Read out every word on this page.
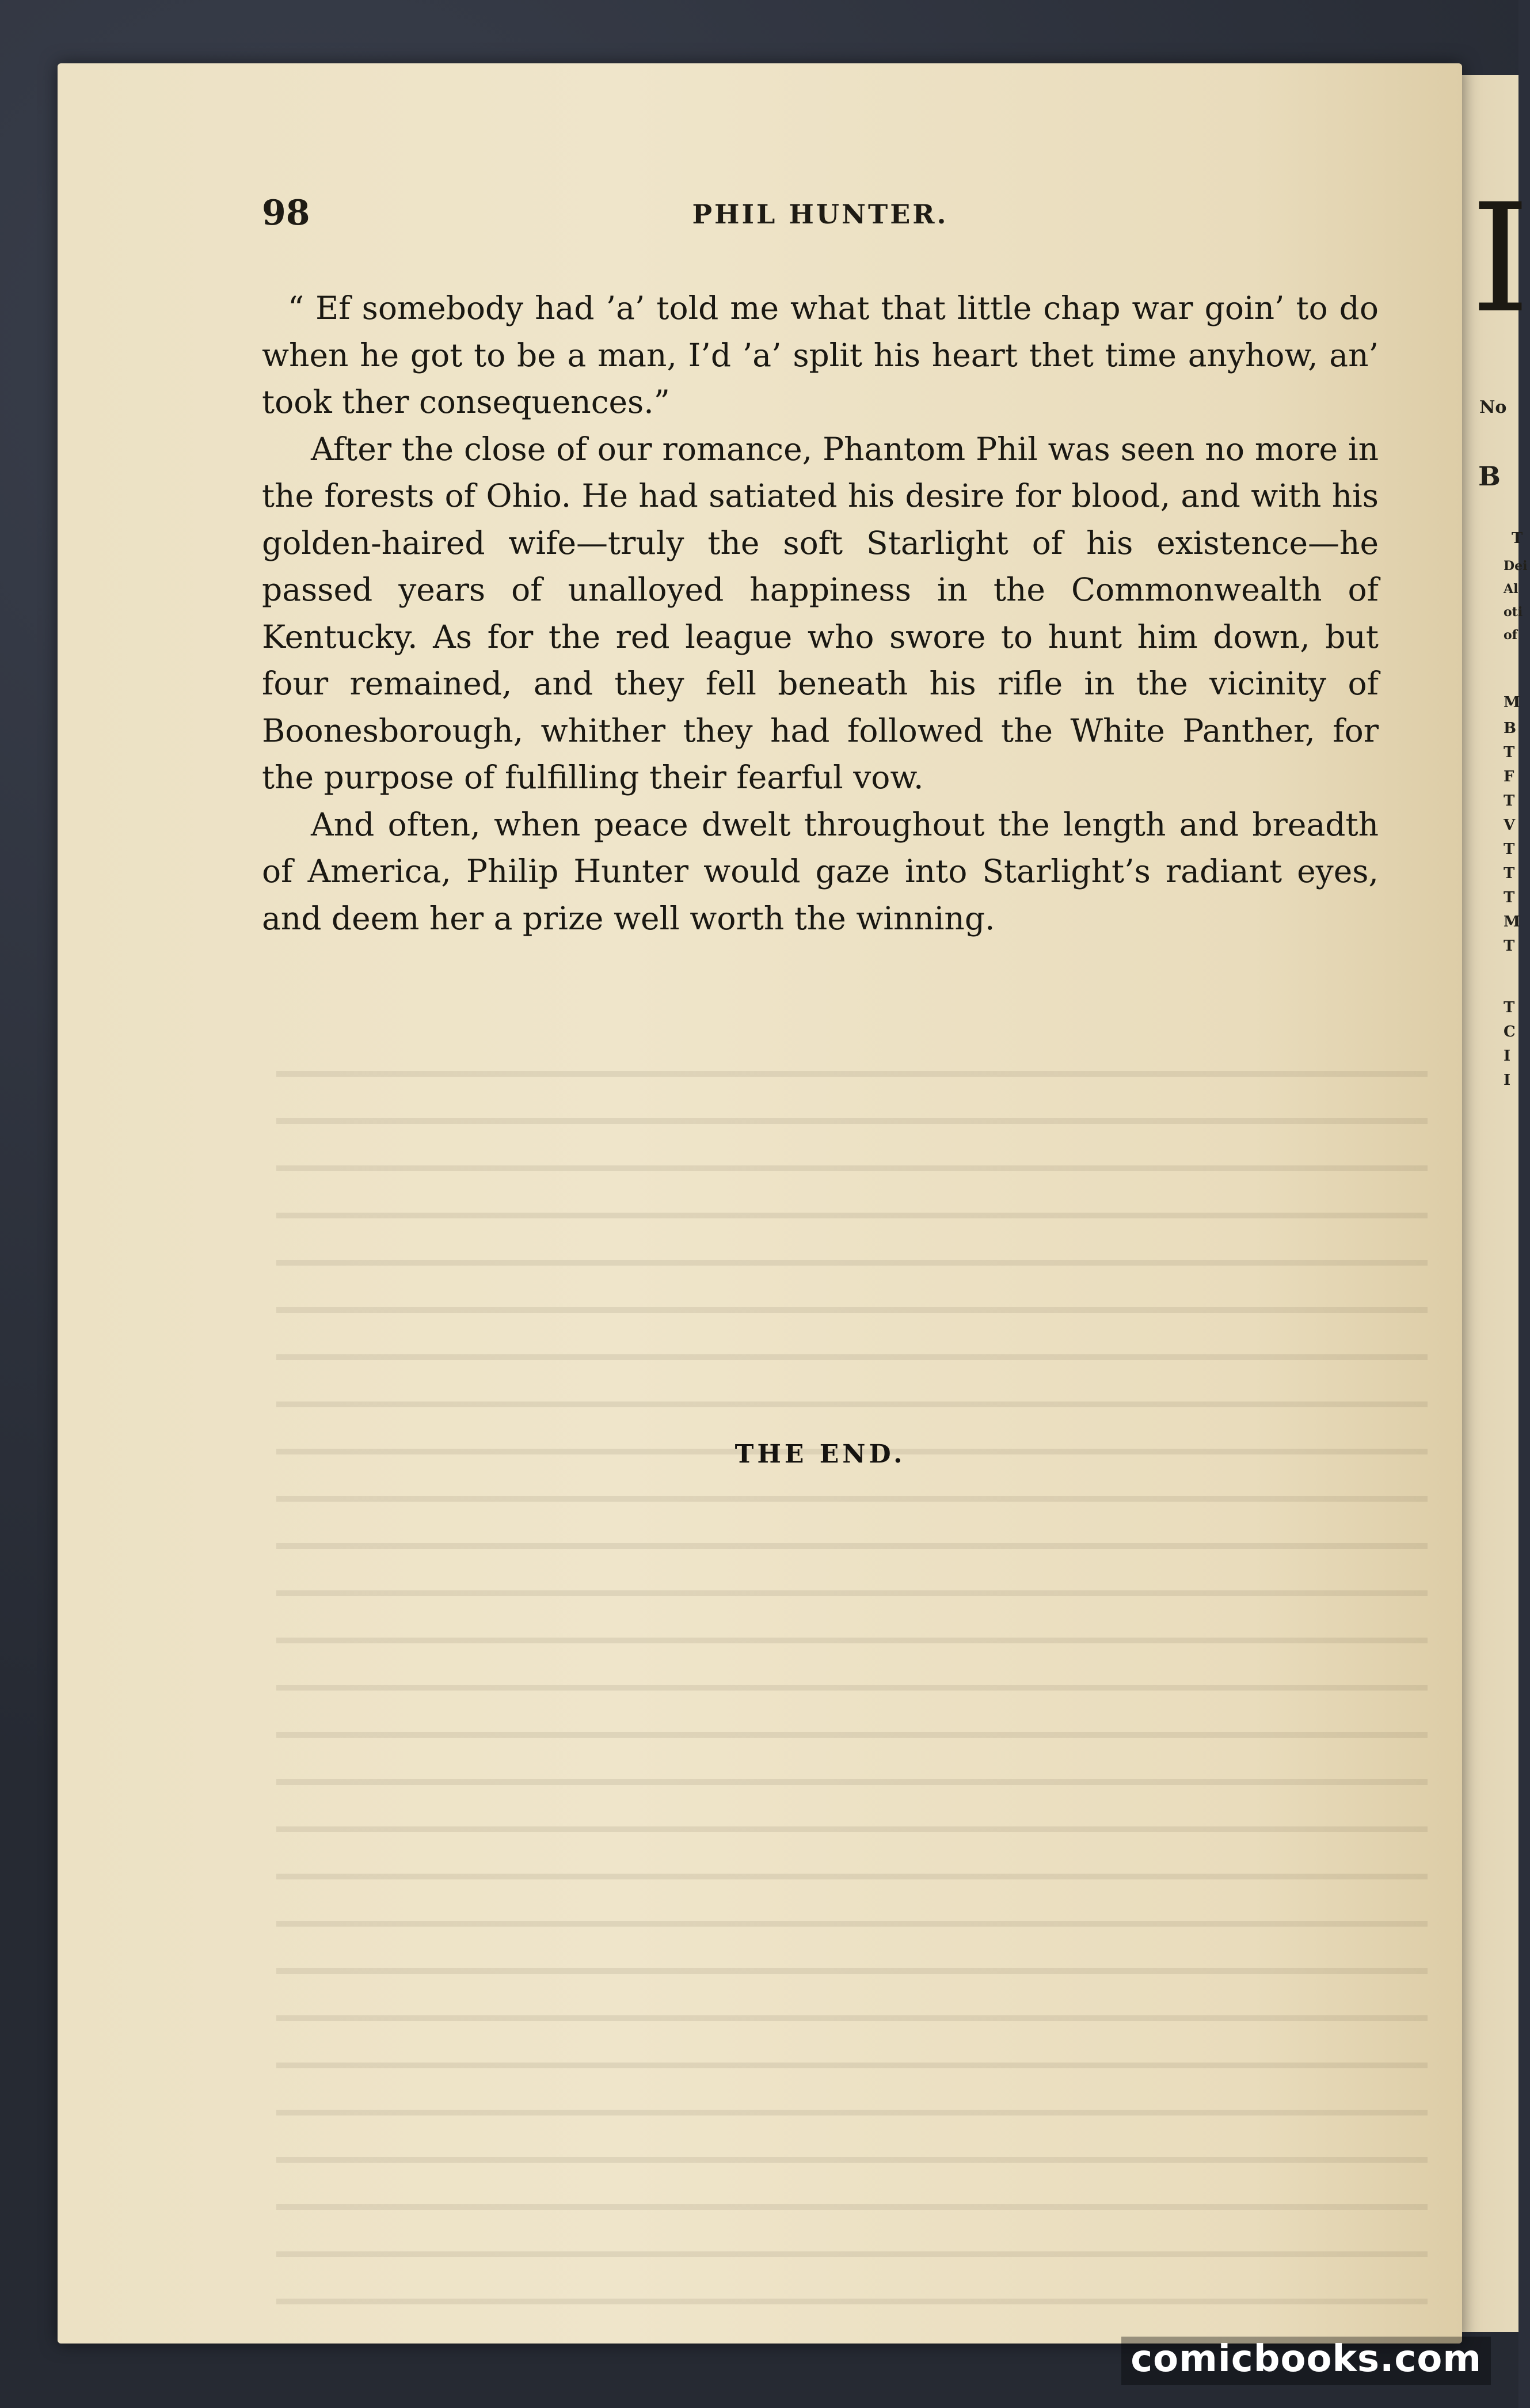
I
No
B
T
Dei
Al
oti
of
M
B
T
F
T
V
T
T
T
M
T
T
C
I
I
98	PHIL HUNTER.

“ Ef somebody had ’a’ told me what that little chap war goin’ to do when he got to be a man, I’d ’a’ split his heart thet time anyhow, an’ took ther consequences.”

After the close of our romance, Phantom Phil was seen no more in the forests of Ohio. He had satiated his desire for blood, and with his golden-haired wife—truly the soft Starlight of his existence—he passed years of unalloyed happiness in the Commonwealth of Kentucky. As for the red league who swore to hunt him down, but four remained, and they fell beneath his rifle in the vicinity of Boonesborough, whither they had followed the White Panther, for the purpose of fulfilling their fearful vow.

And often, when peace dwelt throughout the length and breadth of America, Philip Hunter would gaze into Starlight’s radiant eyes, and deem her a prize well worth the winning.

THE END.
comicbooks.com
